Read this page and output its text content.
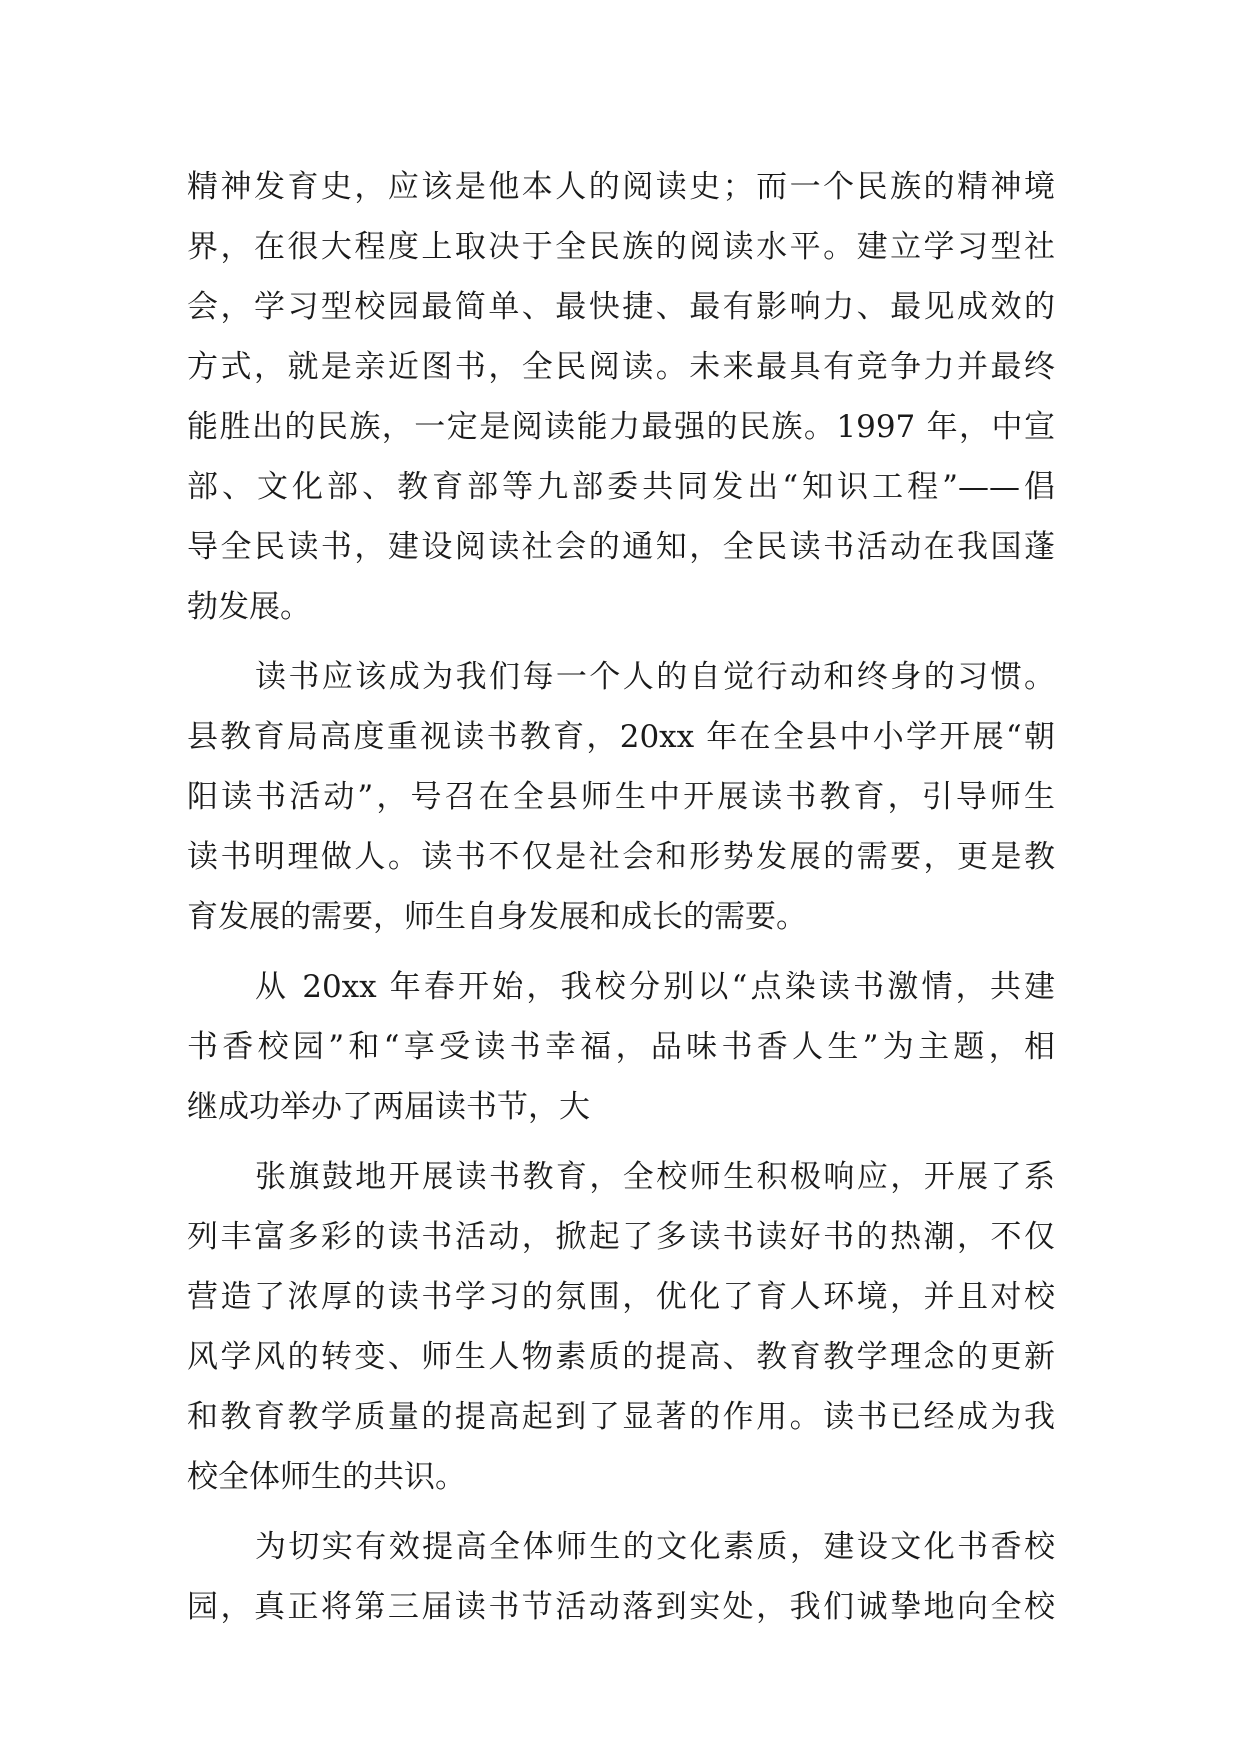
精神发育史，应该是他本人的阅读史；而一个民族的精神境
界，在很大程度上取决于全民族的阅读水平。建立学习型社
会，学习型校园最简单、最快捷、最有影响力、最见成效的
方式，就是亲近图书，全民阅读。未来最具有竞争力并最终
能胜出的民族，一定是阅读能力最强的民族。1997 年，中宣
部、文化部、教育部等九部委共同发出“知识工程”——倡
导全民读书，建设阅读社会的通知，全民读书活动在我国蓬
勃发展。
读书应该成为我们每一个人的自觉行动和终身的习惯。
县教育局高度重视读书教育，20xx 年在全县中小学开展“朝
阳读书活动”，号召在全县师生中开展读书教育，引导师生
读书明理做人。读书不仅是社会和形势发展的需要，更是教
育发展的需要，师生自身发展和成长的需要。
从 20xx 年春开始，我校分别以“点染读书激情，共建
书香校园”和“享受读书幸福，品味书香人生”为主题，相
继成功举办了两届读书节，大
张旗鼓地开展读书教育，全校师生积极响应，开展了系
列丰富多彩的读书活动，掀起了多读书读好书的热潮，不仅
营造了浓厚的读书学习的氛围，优化了育人环境，并且对校
风学风的转变、师生人物素质的提高、教育教学理念的更新
和教育教学质量的提高起到了显著的作用。读书已经成为我
校全体师生的共识。
为切实有效提高全体师生的文化素质，建设文化书香校
园，真正将第三届读书节活动落到实处，我们诚挚地向全校
